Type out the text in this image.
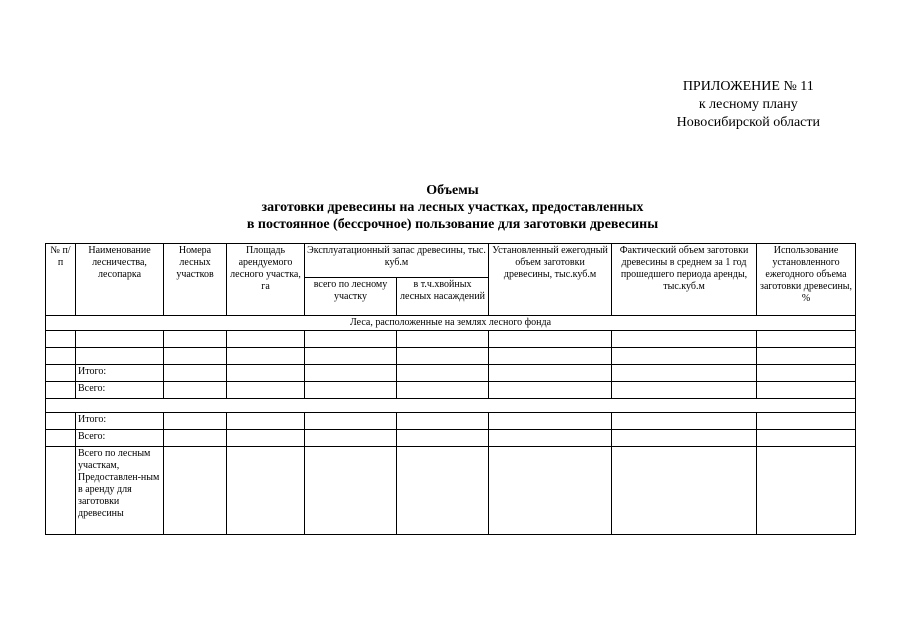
ПРИЛОЖЕНИЕ № 11
к лесному плану
Новосибирской области
Объемы
заготовки древесины на лесных участках, предоставленных
в постоянное (бессрочное) пользование для заготовки древесины
№ п/п	Наименование лесничества, лесопарка	Номера лесных участков	Площадь арендуемого лесного участка, га	Эксплуатационный запас древесины, тыс. куб.м		Установленный ежегодный объем заготовки древесины, тыс.куб.м	Фактический объем заготовки древесины в среднем за 1 год прошедшего периода аренды, тыс.куб.м	Использование установленного ежегодного объема заготовки древесины, %
				всего по лесному участку	в т.ч.хвойных лесных насаждений			
Леса, расположенные на землях лесного фонда								

	Итого:							
	Всего:							

	Итого:							
	Всего:							
	Всего по лесным участкам, Предоставлен-ным в аренду для заготовки древесины							
